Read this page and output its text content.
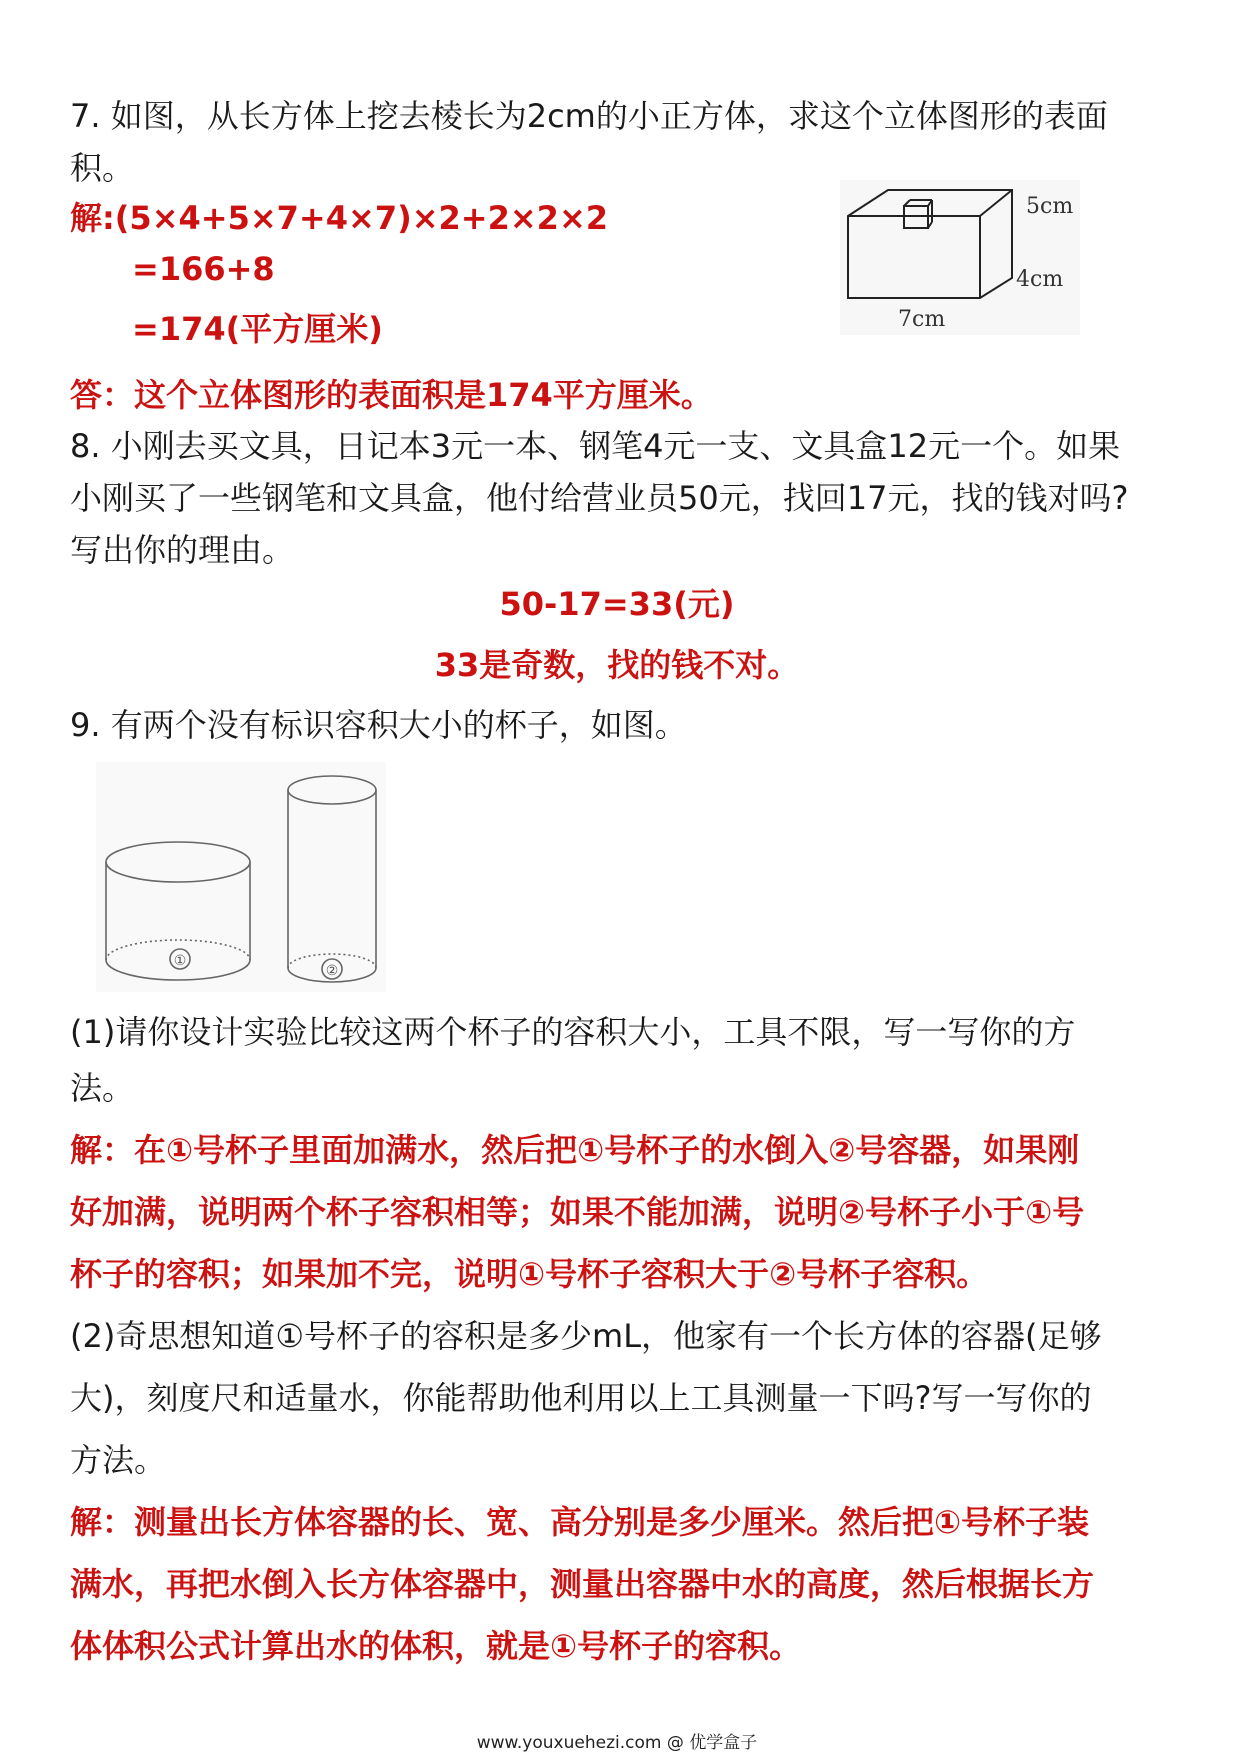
7. 如图，从长方体上挖去棱长为2cm的小正方体，求这个立体图形的表面
积。
解:(5×4+5×7+4×7)×2+2×2×2
=166+8
=174(平方厘米)
答：这个立体图形的表面积是174平方厘米。
5cm
4cm
7cm
8. 小刚去买文具，日记本3元一本、钢笔4元一支、文具盒12元一个。如果
小刚买了一些钢笔和文具盒，他付给营业员50元，找回17元，找的钱对吗?
写出你的理由。
50-17=33(元)
33是奇数，找的钱不对。
9. 有两个没有标识容积大小的杯子，如图。
①
②
(1)请你设计实验比较这两个杯子的容积大小，工具不限，写一写你的方
法。
解：在①号杯子里面加满水，然后把①号杯子的水倒入②号容器，如果刚
好加满，说明两个杯子容积相等；如果不能加满，说明②号杯子小于①号
杯子的容积；如果加不完，说明①号杯子容积大于②号杯子容积。
(2)奇思想知道①号杯子的容积是多少mL，他家有一个长方体的容器(足够
大)，刻度尺和适量水，你能帮助他利用以上工具测量一下吗?写一写你的
方法。
解：测量出长方体容器的长、宽、高分别是多少厘米。然后把①号杯子装
满水，再把水倒入长方体容器中，测量出容器中水的高度，然后根据长方
体体积公式计算出水的体积，就是①号杯子的容积。
www.youxuehezi.com @ 优学盒子
